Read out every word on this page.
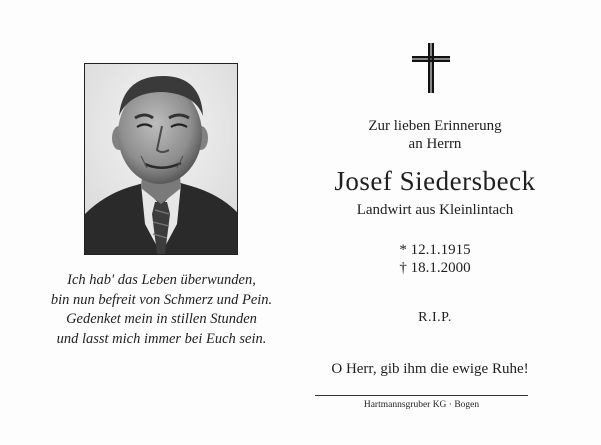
Ich hab' das Leben überwunden,
bin nun befreit von Schmerz und Pein.
Gedenket mein in stillen Stunden
und lasst mich immer bei Euch sein.
Zur lieben Erinnerung
an Herrn
Josef Siedersbeck
Landwirt aus Kleinlintach
* 12.1.1915
† 18.1.2000
R.I.P.
O Herr, gib ihm die ewige Ruhe!
Hartmannsgruber KG · Bogen
